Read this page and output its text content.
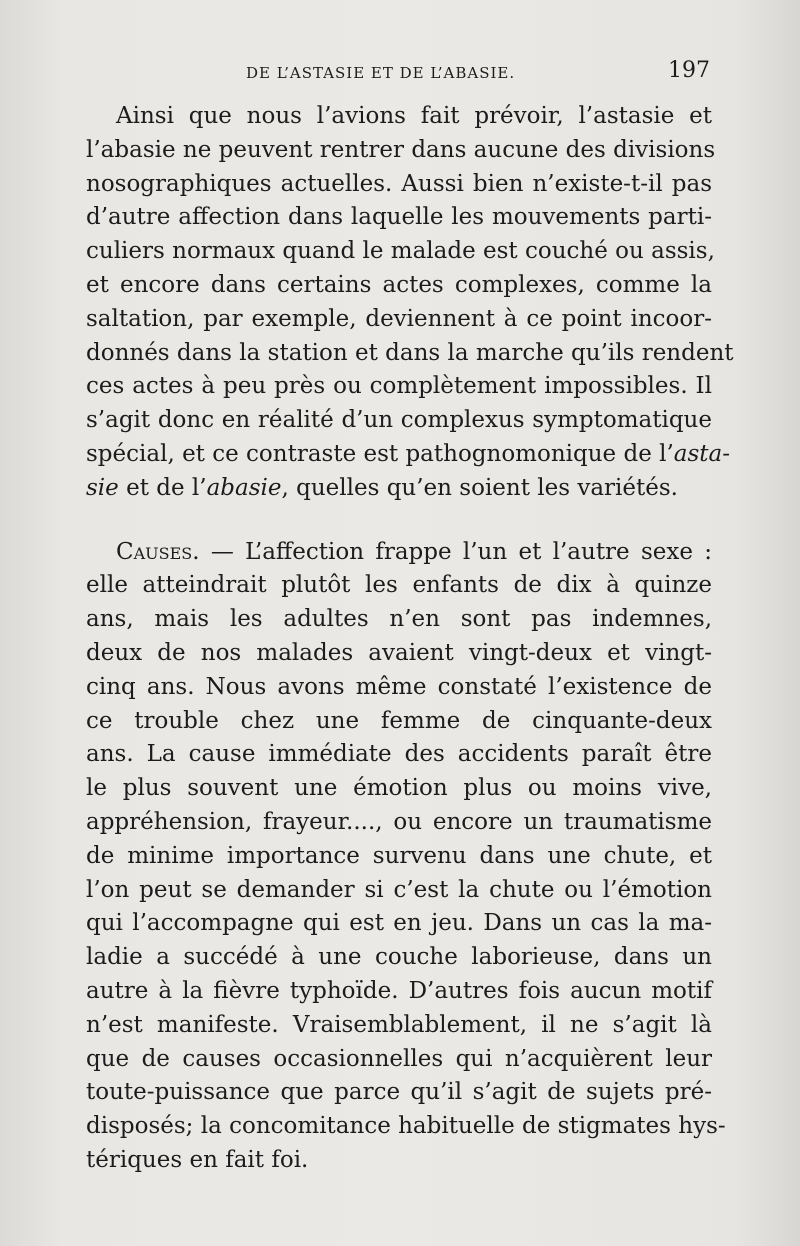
DE L’ASTASIE ET DE L’ABASIE.	197
Ainsi que nous l’avions fait prévoir, l’astasie et
l’abasie ne peuvent rentrer dans aucune des divisions
nosographiques actuelles. Aussi bien n’existe-t-il pas
d’autre affection dans laquelle les mouvements parti-
culiers normaux quand le malade est couché ou assis,
et encore dans certains actes complexes, comme la
saltation, par exemple, deviennent à ce point incoor-
donnés dans la station et dans la marche qu’ils rendent
ces actes à peu près ou complètement impossibles. Il
s’agit donc en réalité d’un complexus symptomatique
spécial, et ce contraste est pathognomonique de l’asta-
sie et de l’abasie, quelles qu’en soient les variétés.
Causes. — L’affection frappe l’un et l’autre sexe :
elle atteindrait plutôt les enfants de dix à quinze
ans, mais les adultes n’en sont pas indemnes,
deux de nos malades avaient vingt-deux et vingt-
cinq ans. Nous avons même constaté l’existence de
ce trouble chez une femme de cinquante-deux
ans. La cause immédiate des accidents paraît être
le plus souvent une émotion plus ou moins vive,
appréhension, frayeur...., ou encore un traumatisme
de minime importance survenu dans une chute, et
l’on peut se demander si c’est la chute ou l’émotion
qui l’accompagne qui est en jeu. Dans un cas la ma-
ladie a succédé à une couche laborieuse, dans un
autre à la fièvre typhoïde. D’autres fois aucun motif
n’est manifeste. Vraisemblablement, il ne s’agit là
que de causes occasionnelles qui n’acquièrent leur
toute-puissance que parce qu’il s’agit de sujets pré-
disposés; la concomitance habituelle de stigmates hys-
tériques en fait foi.
